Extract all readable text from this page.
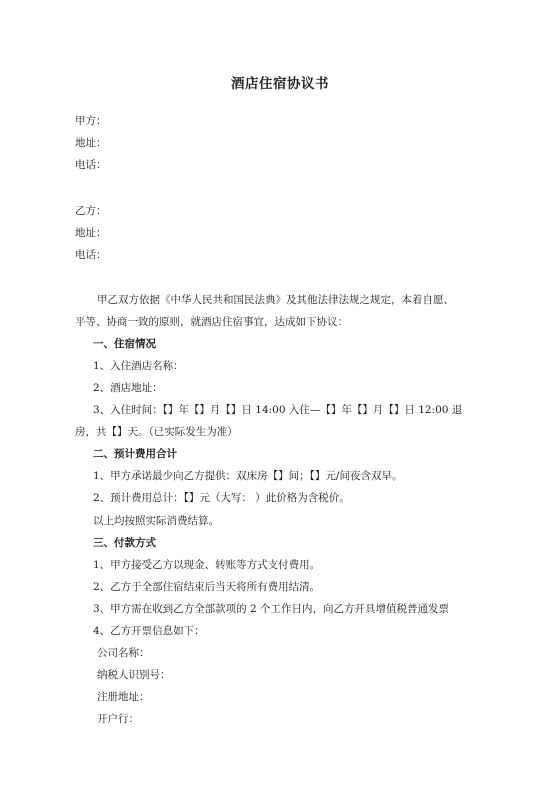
酒店住宿协议书
甲方：
地址：
电话：
乙方：
地址：
电话：
甲乙双方依据《中华人民共和国民法典》及其他法律法规之规定，本着自愿、
平等、协商一致的原则，就酒店住宿事宜，达成如下协议：
一、住宿情况
1、入住酒店名称：
2、酒店地址：
3、入住时间：【】年【】月【】日 14:00 入住—【】年【】月【】日 12:00 退
房，共【】天。（已实际发生为准）
二、预计费用合计
1、甲方承诺最少向乙方提供：双床房【】间；【】元/间夜含双早。
2、预计费用总计：【】元（大写： ）此价格为含税价。
以上均按照实际消费结算。
三、付款方式
1、甲方接受乙方以现金、转账等方式支付费用。
2、乙方于全部住宿结束后当天将所有费用结清。
3、甲方需在收到乙方全部款项的 2 个工作日内，向乙方开具增值税普通发票
4、乙方开票信息如下：
公司名称：
纳税人识别号：
注册地址：
开户行：
